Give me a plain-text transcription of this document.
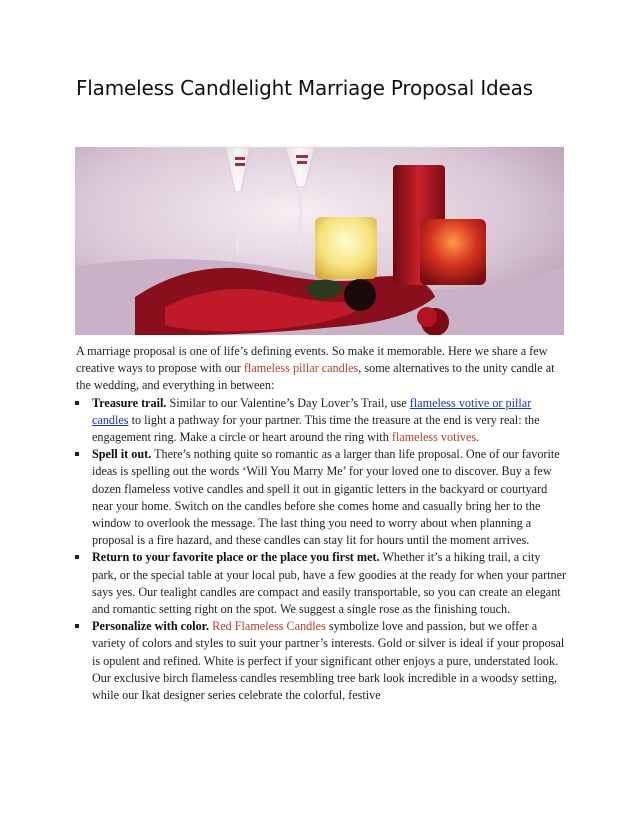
Flameless Candlelight Marriage Proposal Ideas

A marriage proposal is one of life’s defining events. So make it memorable. Here we share a few creative ways to propose with our flameless pillar candles, some alternatives to the unity candle at the wedding, and everything in between:

Treasure trail. Similar to our Valentine’s Day Lover’s Trail, use flameless votive or pillar candles to light a pathway for your partner. This time the treasure at the end is very real: the engagement ring. Make a circle or heart around the ring with flameless votives.
Spell it out. There’s nothing quite so romantic as a larger than life proposal. One of our favorite ideas is spelling out the words ‘Will You Marry Me’ for your loved one to discover. Buy a few dozen flameless votive candles and spell it out in gigantic letters in the backyard or courtyard near your home. Switch on the candles before she comes home and casually bring her to the window to overlook the message. The last thing you need to worry about when planning a proposal is a fire hazard, and these candles can stay lit for hours until the moment arrives.
Return to your favorite place or the place you first met. Whether it’s a hiking trail, a city park, or the special table at your local pub, have a few goodies at the ready for when your partner says yes. Our tealight candles are compact and easily transportable, so you can create an elegant and romantic setting right on the spot. We suggest a single rose as the finishing touch.
Personalize with color. Red Flameless Candles symbolize love and passion, but we offer a variety of colors and styles to suit your partner’s interests. Gold or silver is ideal if your proposal is opulent and refined. White is perfect if your significant other enjoys a pure, understated look. Our exclusive birch flameless candles resembling tree bark look incredible in a woodsy setting, while our Ikat designer series celebrate the colorful, festive
